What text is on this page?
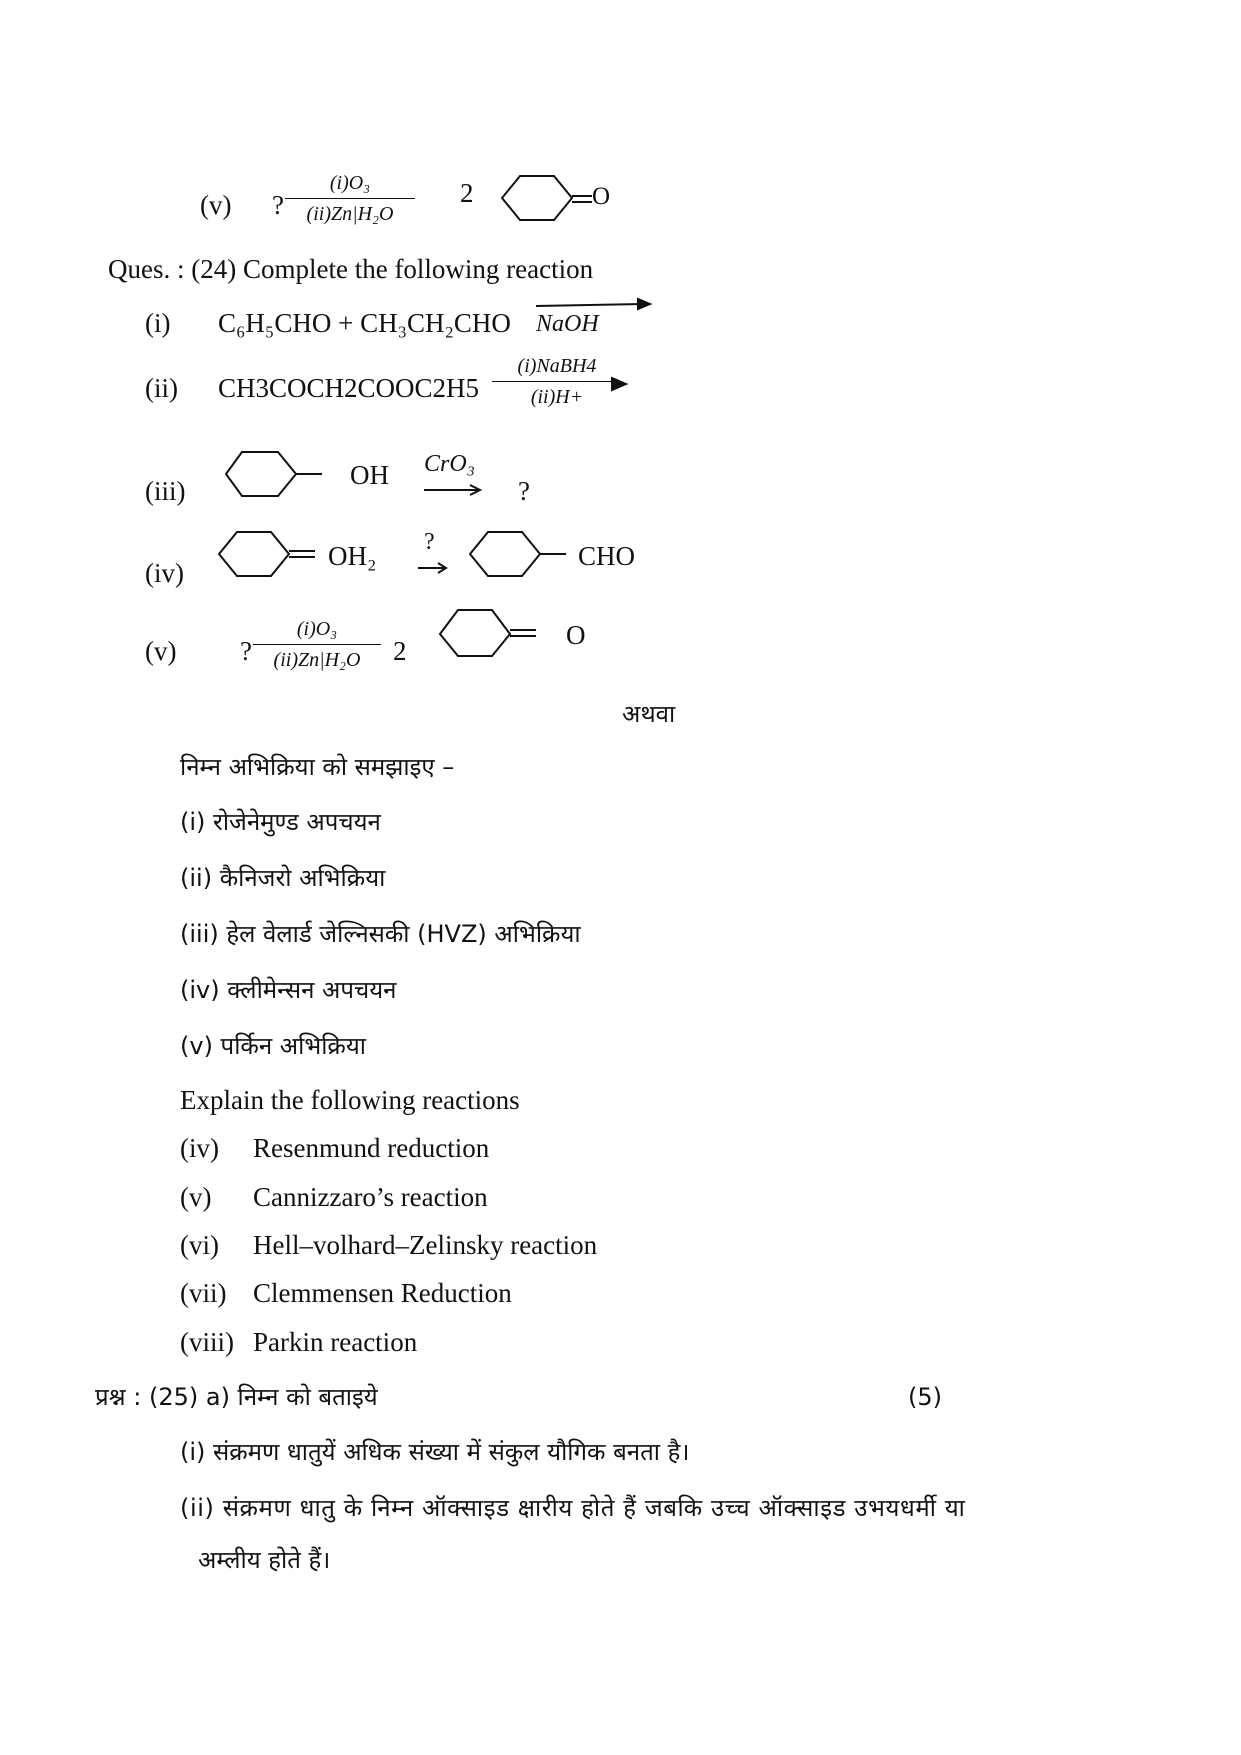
(v) ?
(i)O₃
(ii)Zn|H₂O
2	O
Ques. : (24) Complete the following reaction
(i) C₆H₅CHO + CH₃CH₂CHO NaOH
(ii) CH3COCH2COOC2H5
(i)NaBH4
(ii)H+
(iii)
OH CrO₃
?
(iv)
OH₂ ?	CHO
(v) ?
(i)O₃
(ii)Zn|H₂O	2
O
अथवा
निम्न अभिक्रिया को समझाइए –
(i) रोजेनेमुण्ड अपचयन
(ii) कैनिजरो अभिक्रिया
(iii) हेल वेलार्ड जेल्निसकी (HVZ) अभिक्रिया
(iv) क्लीमेन्सन अपचयन
(v) पर्किन अभिक्रिया
Explain the following reactions
(iv) Resenmund reduction
(v) Cannizzaro’s reaction
(vi) Hell–volhard–Zelinsky reaction
(vii) Clemmensen Reduction
(viii) Parkin reaction
प्रश्न : (25) a) निम्न को बताइये	(5)
(i) संक्रमण धातुयें अधिक संख्या में संकुल यौगिक बनता है।
(ii) संक्रमण धातु के निम्न ऑक्साइड क्षारीय होते हैं जबकि उच्च ऑक्साइड उभयधर्मी या
अम्लीय होते हैं।
